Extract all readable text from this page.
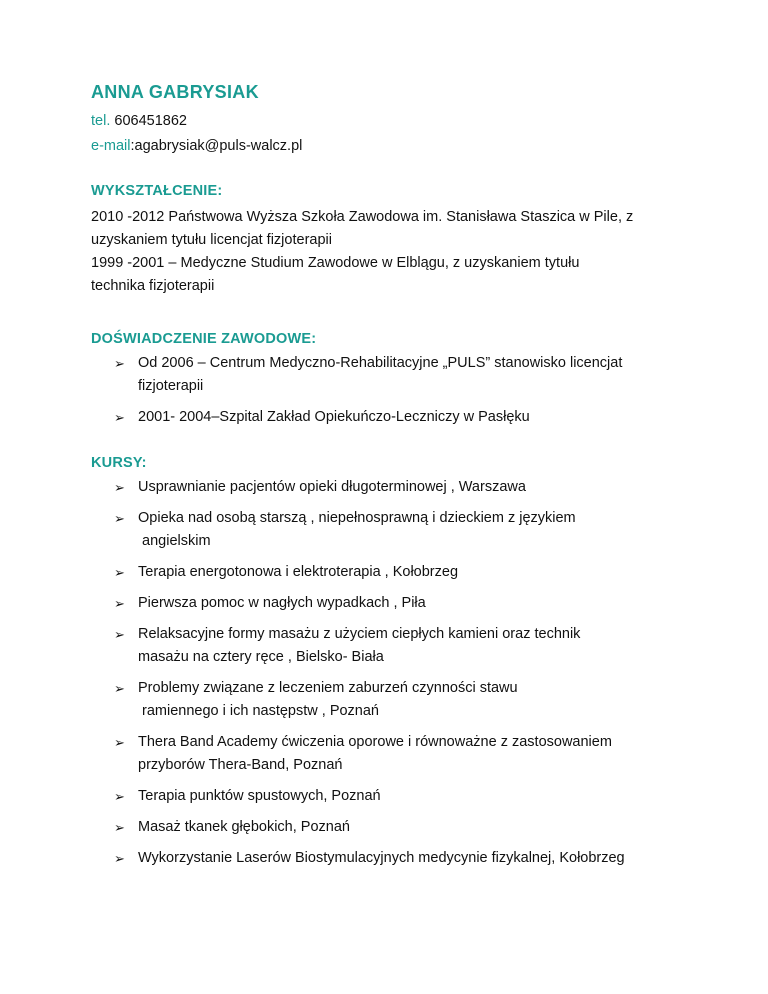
ANNA GABRYSIAK
tel. 606451862
e-mail:agabrysiak@puls-walcz.pl
WYKSZTAŁCENIE:
2010 -2012 Państwowa Wyższa Szkoła Zawodowa im. Stanisława Staszica w Pile, z
uzyskaniem tytułu licencjat fizjoterapii
1999 -2001 – Medyczne Studium Zawodowe w Elblągu, z uzyskaniem tytułu
technika fizjoterapii
DOŚWIADCZENIE ZAWODOWE:
➢ Od 2006 – Centrum Medyczno-Rehabilitacyjne „PULS” stanowisko licencjat
fizjoterapii
➢ 2001- 2004–Szpital Zakład Opiekuńczo-Leczniczy w Pasłęku
KURSY:
➢ Usprawnianie pacjentów opieki długoterminowej , Warszawa
➢ Opieka nad osobą starszą , niepełnosprawną i dzieckiem z językiem
angielskim
➢ Terapia energotonowa i elektroterapia , Kołobrzeg
➢ Pierwsza pomoc w nagłych wypadkach , Piła
➢ Relaksacyjne formy masażu z użyciem ciepłych kamieni oraz technik
masażu na cztery ręce , Bielsko- Biała
➢ Problemy związane z leczeniem zaburzeń czynności stawu
ramiennego i ich następstw , Poznań
➢ Thera Band Academy ćwiczenia oporowe i równoważne z zastosowaniem
przyborów Thera-Band, Poznań
➢ Terapia punktów spustowych, Poznań
➢ Masaż tkanek głębokich, Poznań
➢ Wykorzystanie Laserów Biostymulacyjnych medycynie fizykalnej, Kołobrzeg
